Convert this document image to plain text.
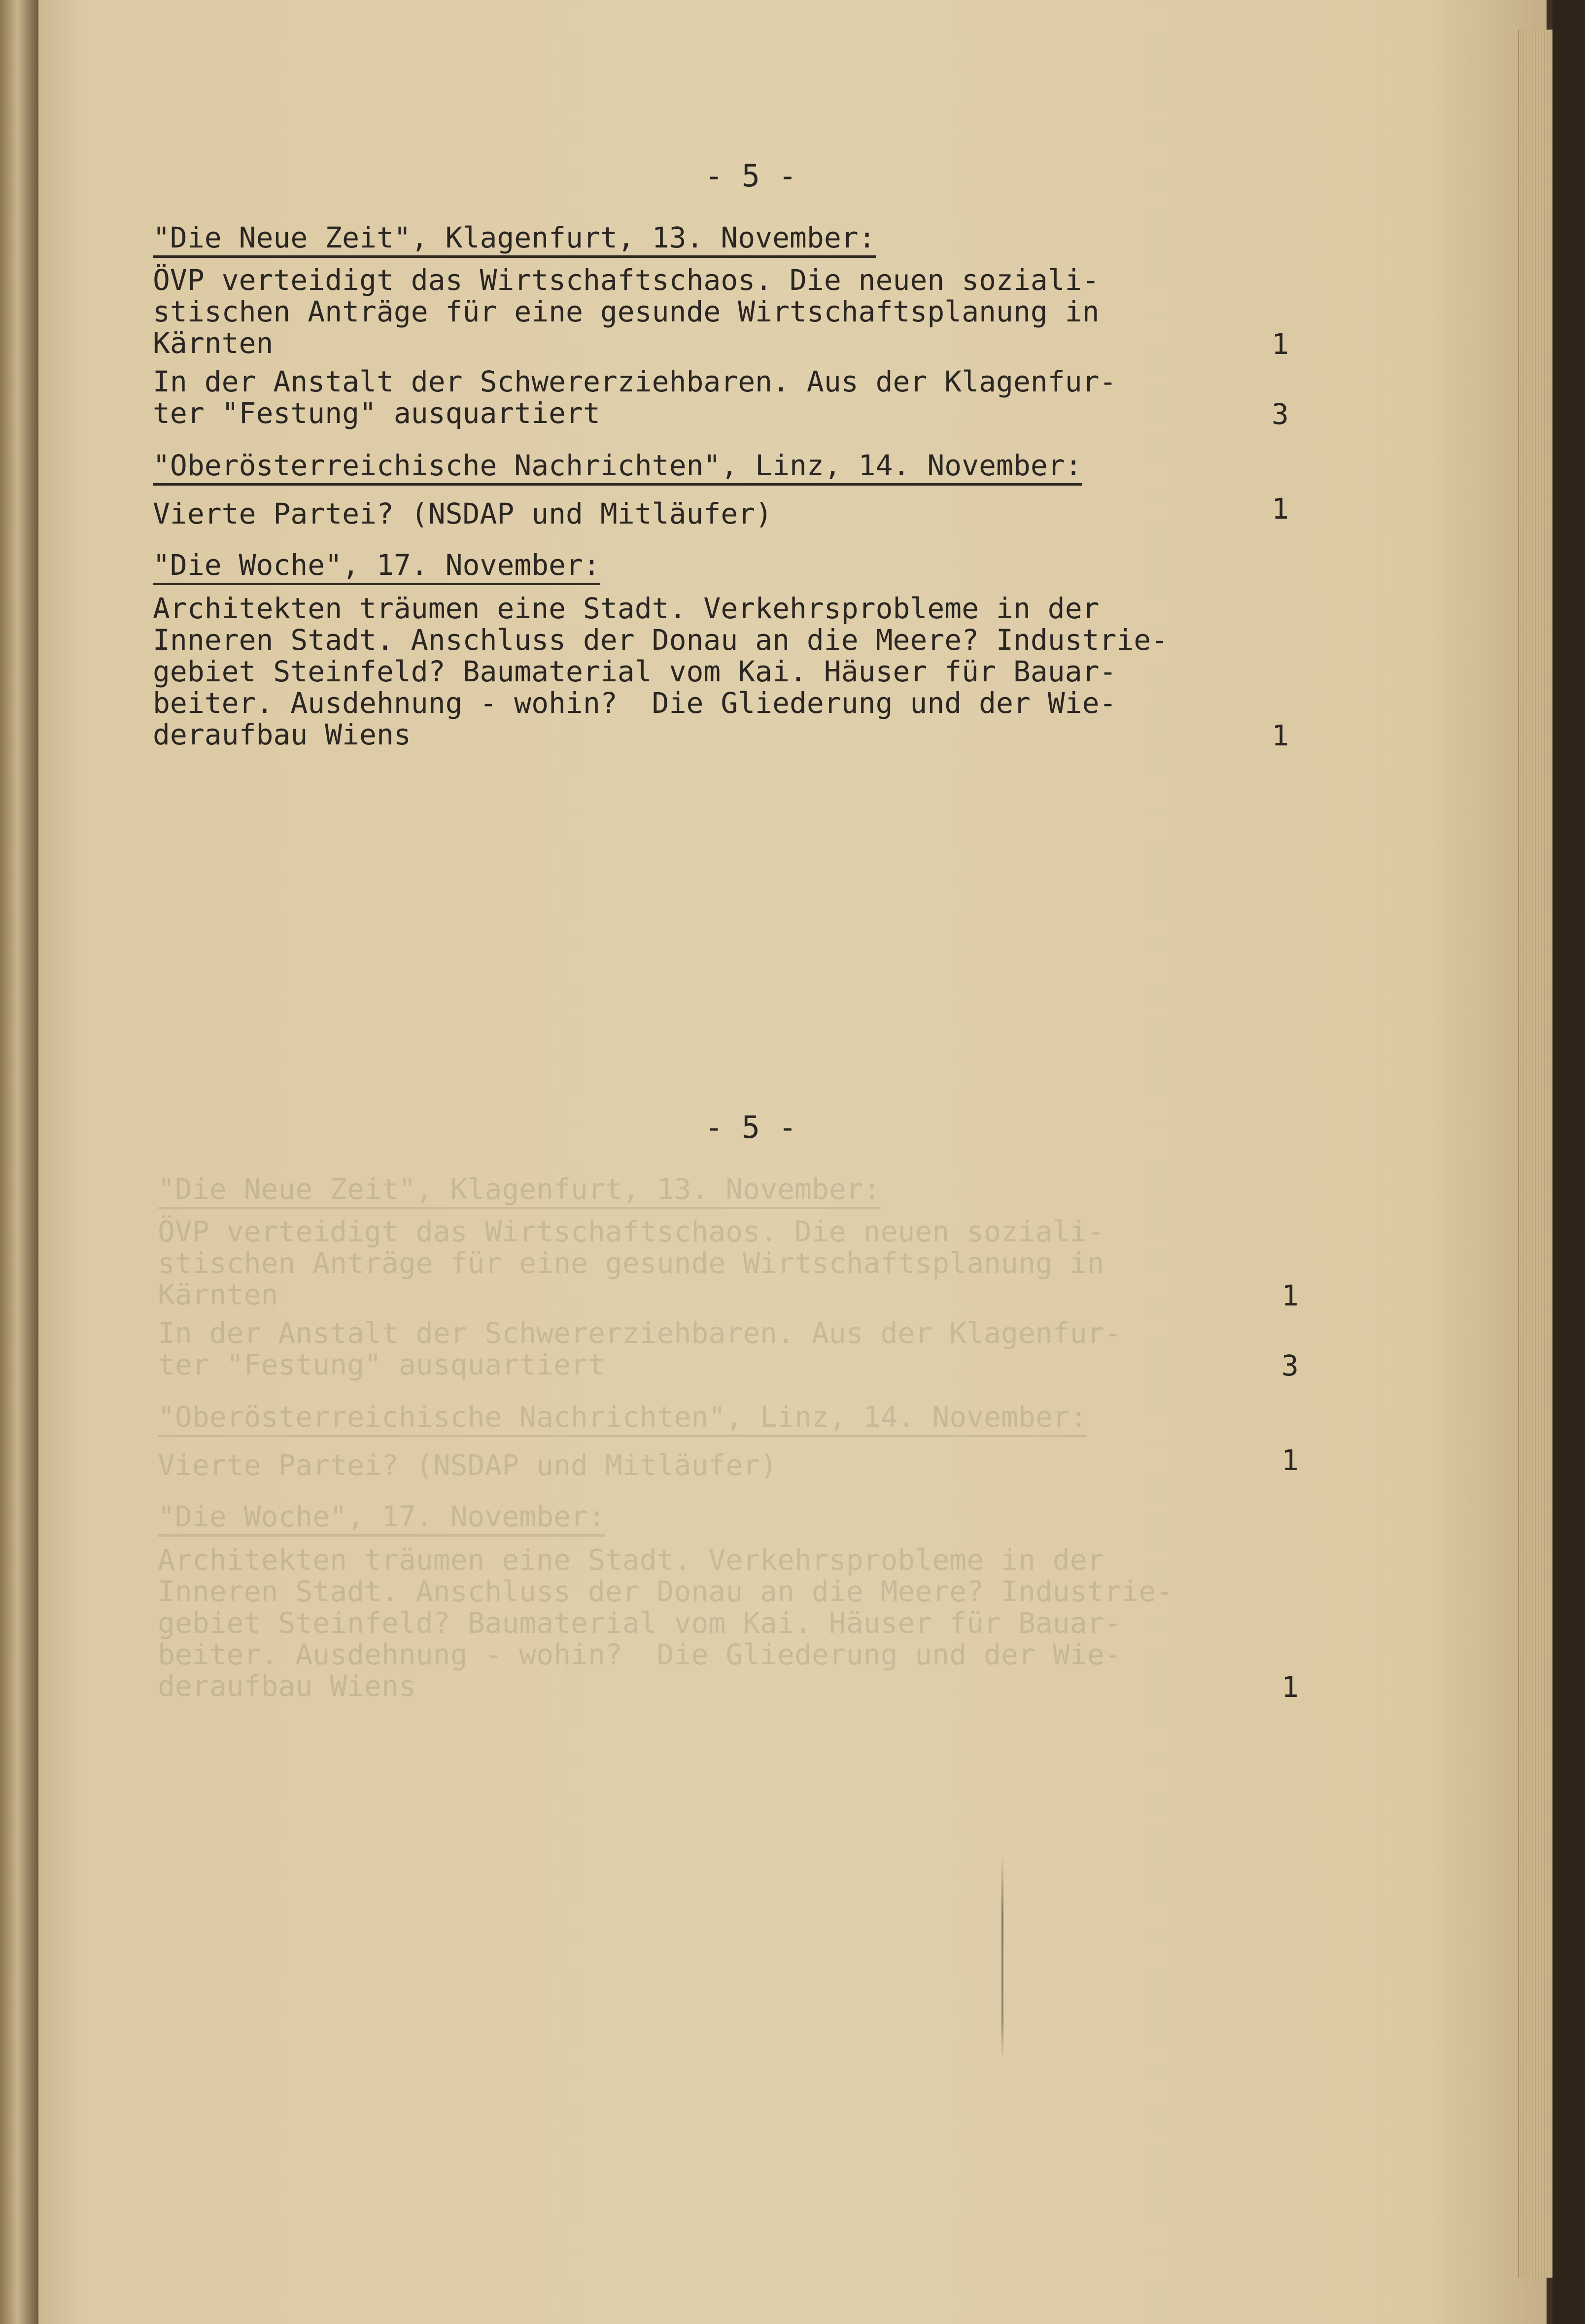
- 5 -
"Die Neue Zeit", Klagenfurt, 13. November:
ÖVP verteidigt das Wirtschaftschaos. Die neuen soziali-
stischen Anträge für eine gesunde Wirtschaftsplanung in
Kärnten	1
In der Anstalt der Schwererziehbaren. Aus der Klagenfur-
ter "Festung" ausquartiert	3
"Oberösterreichische Nachrichten", Linz, 14. November:
Vierte Partei? (NSDAP und Mitläufer)	1
"Die Woche", 17. November:
Architekten träumen eine Stadt. Verkehrsprobleme in der
Inneren Stadt. Anschluss der Donau an die Meere? Industrie-
gebiet Steinfeld? Baumaterial vom Kai. Häuser für Bauar-
beiter. Ausdehnung - wohin?  Die Gliederung und der Wie-
deraufbau Wiens	1
- 5 -
"Die Neue Zeit", Klagenfurt, 13. November:
ÖVP verteidigt das Wirtschaftschaos. Die neuen soziali-
stischen Anträge für eine gesunde Wirtschaftsplanung in
Kärnten	1
In der Anstalt der Schwererziehbaren. Aus der Klagenfur-
ter "Festung" ausquartiert	3
"Oberösterreichische Nachrichten", Linz, 14. November:
Vierte Partei? (NSDAP und Mitläufer)	1
"Die Woche", 17. November:
Architekten träumen eine Stadt. Verkehrsprobleme in der
Inneren Stadt. Anschluss der Donau an die Meere? Industrie-
gebiet Steinfeld? Baumaterial vom Kai. Häuser für Bauar-
beiter. Ausdehnung - wohin?  Die Gliederung und der Wie-
deraufbau Wiens	1
